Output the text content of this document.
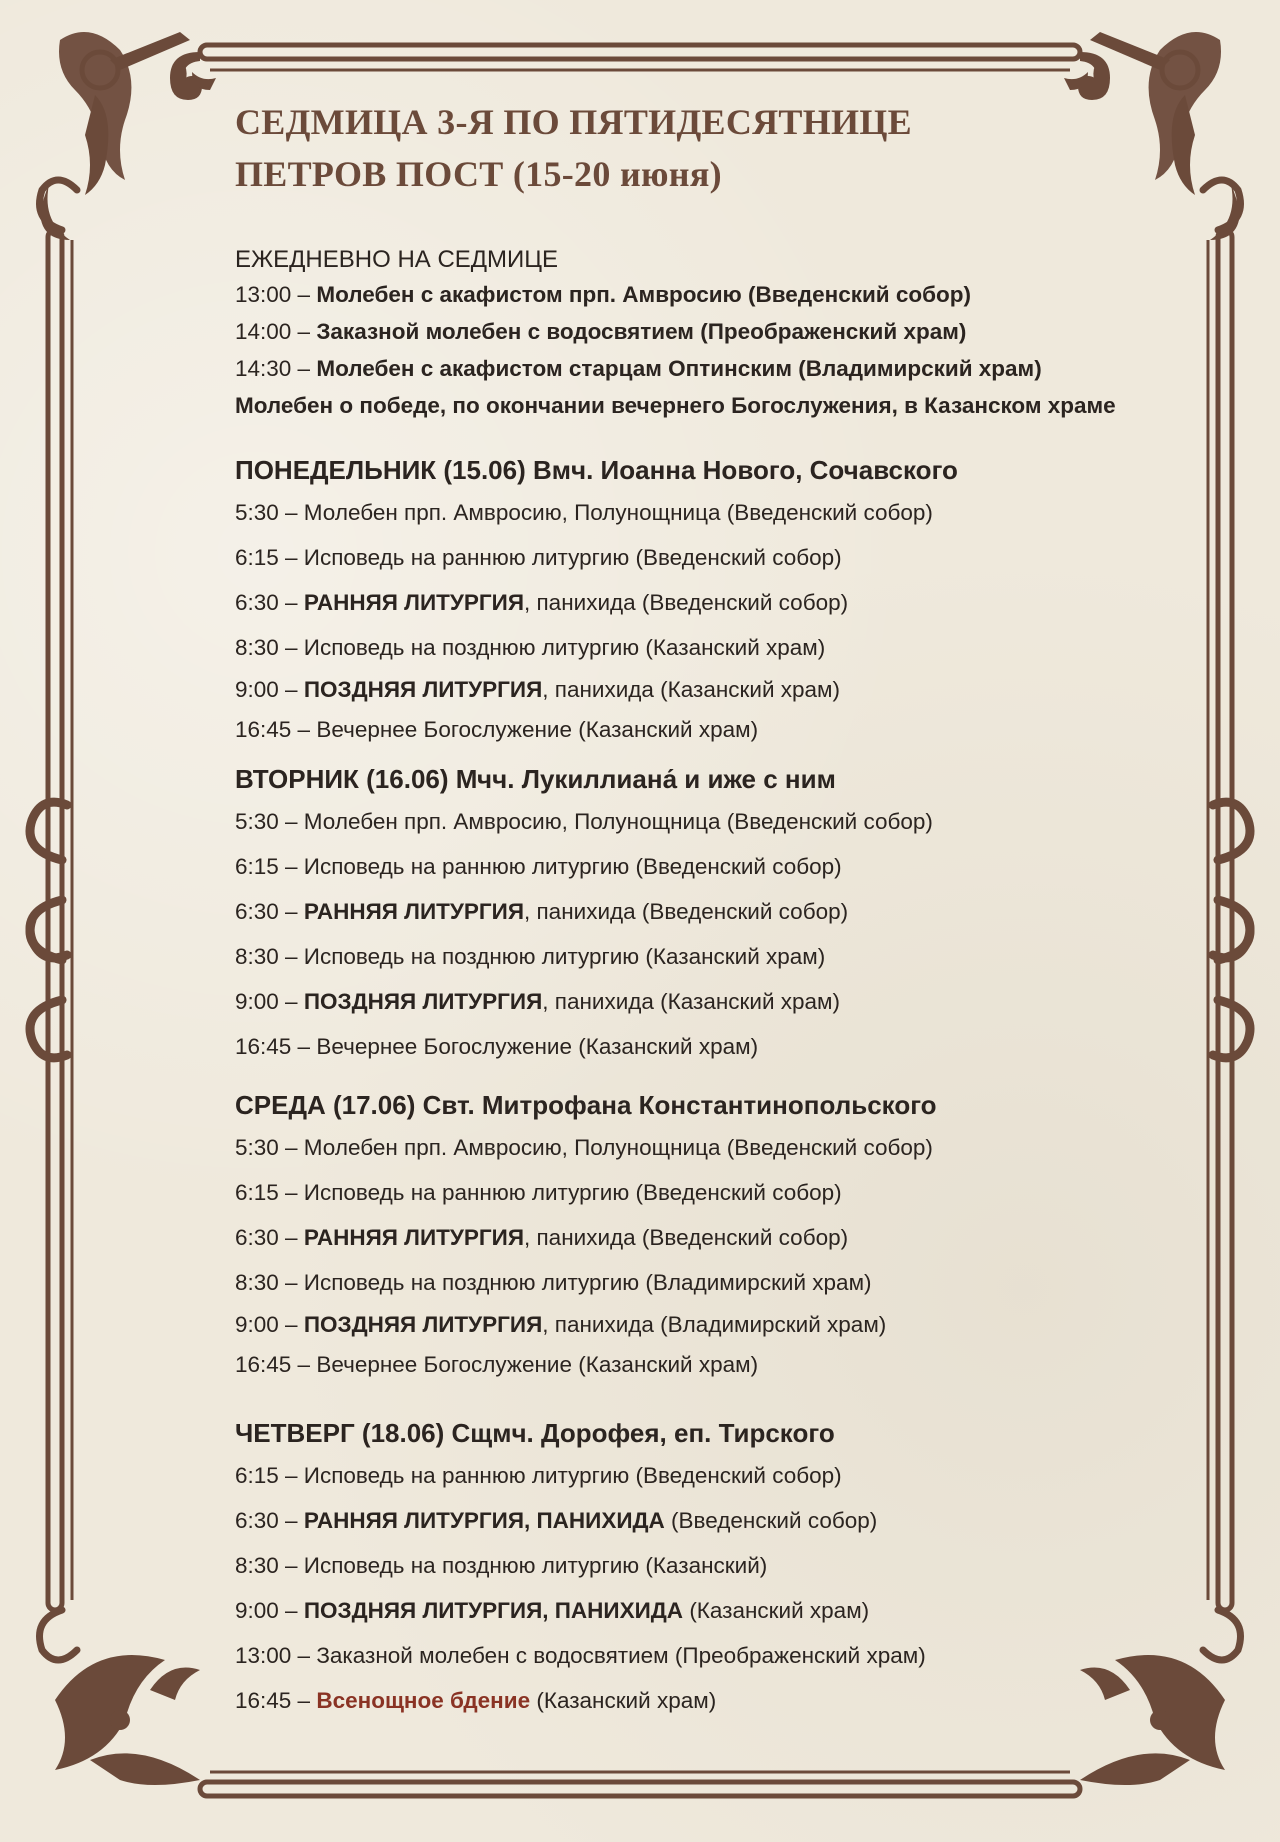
СЕДМИЦА 3-Я ПО ПЯТИДЕСЯТНИЦЕ
ПЕТРОВ ПОСТ (15-20 июня)
ЕЖЕДНЕВНО НА СЕДМИЦЕ
13:00 – Молебен с акафистом прп. Амвросию (Введенский собор)
14:00 – Заказной молебен с водосвятием (Преображенский храм)
14:30 – Молебен с акафистом старцам Оптинским (Владимирский храм)
Молебен о победе, по окончании вечернего Богослужения, в Казанском храме
ПОНЕДЕЛЬНИК (15.06) Вмч. Иоанна Нового, Сочавского
5:30 – Молебен прп. Амвросию, Полунощница (Введенский собор)
6:15 – Исповедь на раннюю литургию (Введенский собор)
6:30 – РАННЯЯ ЛИТУРГИЯ, панихида (Введенский собор)
8:30 – Исповедь на позднюю литургию (Казанский храм)
9:00 – ПОЗДНЯЯ ЛИТУРГИЯ, панихида (Казанский храм)
16:45 – Вечернее Богослужение (Казанский храм)
ВТОРНИК (16.06) Мчч. Лукиллиана́ и иже с ним
5:30 – Молебен прп. Амвросию, Полунощница (Введенский собор)
6:15 – Исповедь на раннюю литургию (Введенский собор)
6:30 – РАННЯЯ ЛИТУРГИЯ, панихида (Введенский собор)
8:30 – Исповедь на позднюю литургию (Казанский храм)
9:00 – ПОЗДНЯЯ ЛИТУРГИЯ, панихида (Казанский храм)
16:45 – Вечернее Богослужение (Казанский храм)
СРЕДА (17.06) Свт. Митрофана Константинопольского
5:30 – Молебен прп. Амвросию, Полунощница (Введенский собор)
6:15 – Исповедь на раннюю литургию (Введенский собор)
6:30 – РАННЯЯ ЛИТУРГИЯ, панихида (Введенский собор)
8:30 – Исповедь на позднюю литургию (Владимирский храм)
9:00 – ПОЗДНЯЯ ЛИТУРГИЯ, панихида (Владимирский храм)
16:45 – Вечернее Богослужение (Казанский храм)
ЧЕТВЕРГ (18.06) Сщмч. Дорофея, еп. Тирского
6:15 – Исповедь на раннюю литургию (Введенский собор)
6:30 – РАННЯЯ ЛИТУРГИЯ, ПАНИХИДА (Введенский собор)
8:30 – Исповедь на позднюю литургию (Казанский)
9:00 – ПОЗДНЯЯ ЛИТУРГИЯ, ПАНИХИДА (Казанский храм)
13:00 – Заказной молебен с водосвятием (Преображенский храм)
16:45 – Всенощное бдение (Казанский храм)
